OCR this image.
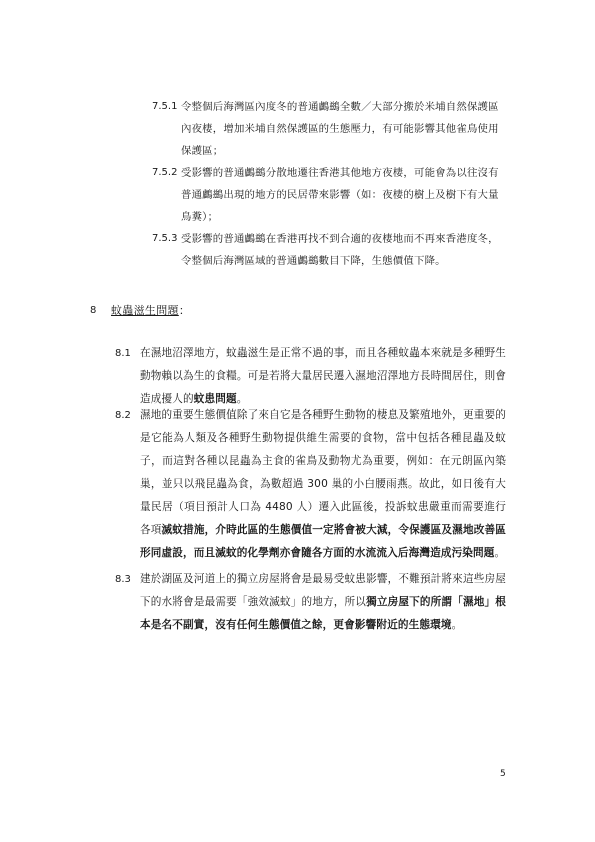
7.5.1 令整個后海灣區內度冬的普通鸕鷀全數／大部分搬於米埔自然保護區內夜棲，增加米埔自然保護區的生態壓力，有可能影響其他雀鳥使用保護區；
7.5.2 受影響的普通鸕鷀分散地遷往香港其他地方夜棲，可能會為以往沒有普通鸕鷀出現的地方的民居帶來影響（如：夜棲的樹上及樹下有大量鳥糞）；
7.5.3 受影響的普通鸕鷀在香港再找不到合適的夜棲地而不再來香港度冬，令整個后海灣區域的普通鸕鷀數目下降，生態價值下降。
8 蚊蟲滋生問題：
8.1 在濕地沼澤地方，蚊蟲滋生是正常不過的事，而且各種蚊蟲本來就是多種野生動物賴以為生的食糧。可是若將大量居民遷入濕地沼澤地方長時間居住，則會造成擾人的蚊患問題。
8.2 濕地的重要生態價值除了來自它是各種野生動物的棲息及繁殖地外，更重要的是它能為人類及各種野生動物提供維生需要的食物，當中包括各種昆蟲及蚊子，而這對各種以昆蟲為主食的雀鳥及動物尤為重要，例如：在元朗區內築巢，並只以飛昆蟲為食，為數超過 300 巢的小白腰雨燕。故此，如日後有大量民居（項目預計人口為 4480 人）遷入此區後，投訴蚊患嚴重而需要進行各項滅蚊措施，介時此區的生態價值一定將會被大減，令保護區及濕地改善區形同虛設，而且滅蚊的化學劑亦會隨各方面的水流流入后海灣造成污染問題。
8.3 建於湖區及河道上的獨立房屋將會是最易受蚊患影響，不難預計將來這些房屋下的水將會是最需要「強效滅蚊」的地方，所以獨立房屋下的所謂「濕地」根本是名不副實，沒有任何生態價值之餘，更會影響附近的生態環境。
5
